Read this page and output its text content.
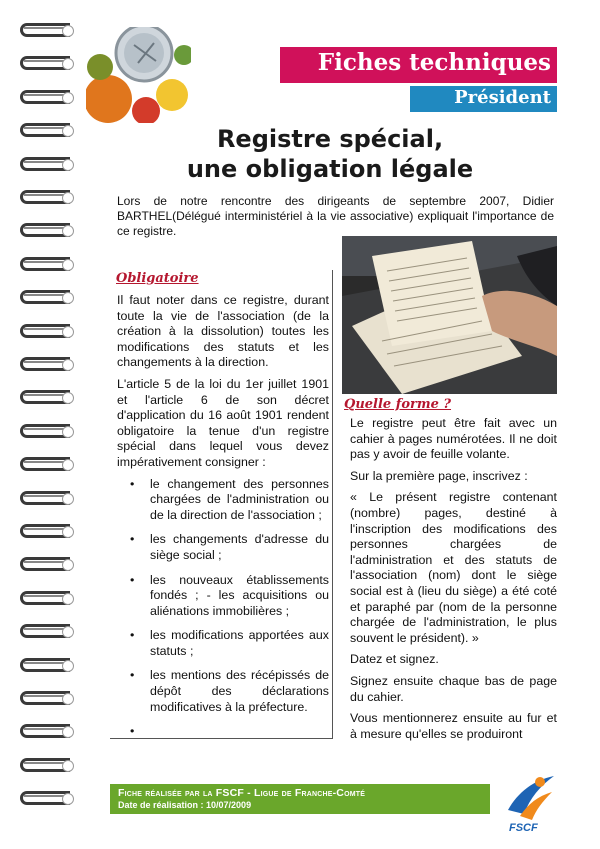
Fiches techniques
Président
Registre spécial,
une obligation légale
Lors de notre rencontre des dirigeants de septembre 2007, Didier BARTHEL(Délégué interministériel à la vie associative) expliquait l'importance de ce registre.
Obligatoire

Il faut noter dans ce registre, durant toute la vie de l'association (de la création à la dissolution) toutes les modifications des statuts et les changements à la direction.

L'article 5 de la loi du 1er juillet 1901 et l'article 6 de son décret d'application du 16 août 1901 rendent obligatoire la tenue d'un registre spécial dans lequel vous devez impérativement consigner :

• le changement des personnes chargées de l'administration ou de la direction de l'association ;
• les changements d'adresse du siège social ;
• les nouveaux établissements fondés ; - les acquisitions ou aliénations immobilières ;
• les modifications apportées aux statuts ;
• les mentions des récépissés de dépôt des déclarations modificatives à la préfecture.
•
Quelle forme ?

Le registre peut être fait avec un cahier à pages numérotées. Il ne doit pas y avoir de feuille volante.

Sur la première page, inscrivez :

« Le présent registre contenant (nombre) pages, destiné à l'inscription des modifications des personnes chargées de l'administration et des statuts de l'association (nom) dont le siège social est à (lieu du siège) a été coté et paraphé par (nom de la personne chargée de l'administration, le plus souvent le président). »

Datez et signez.

Signez ensuite chaque bas de page du cahier.

Vous mentionnerez ensuite au fur et à mesure qu'elles se produiront

Fiche réalisée par la FSCF - Ligue de Franche-Comté
Date de réalisation : 10/07/2009
FSCF
